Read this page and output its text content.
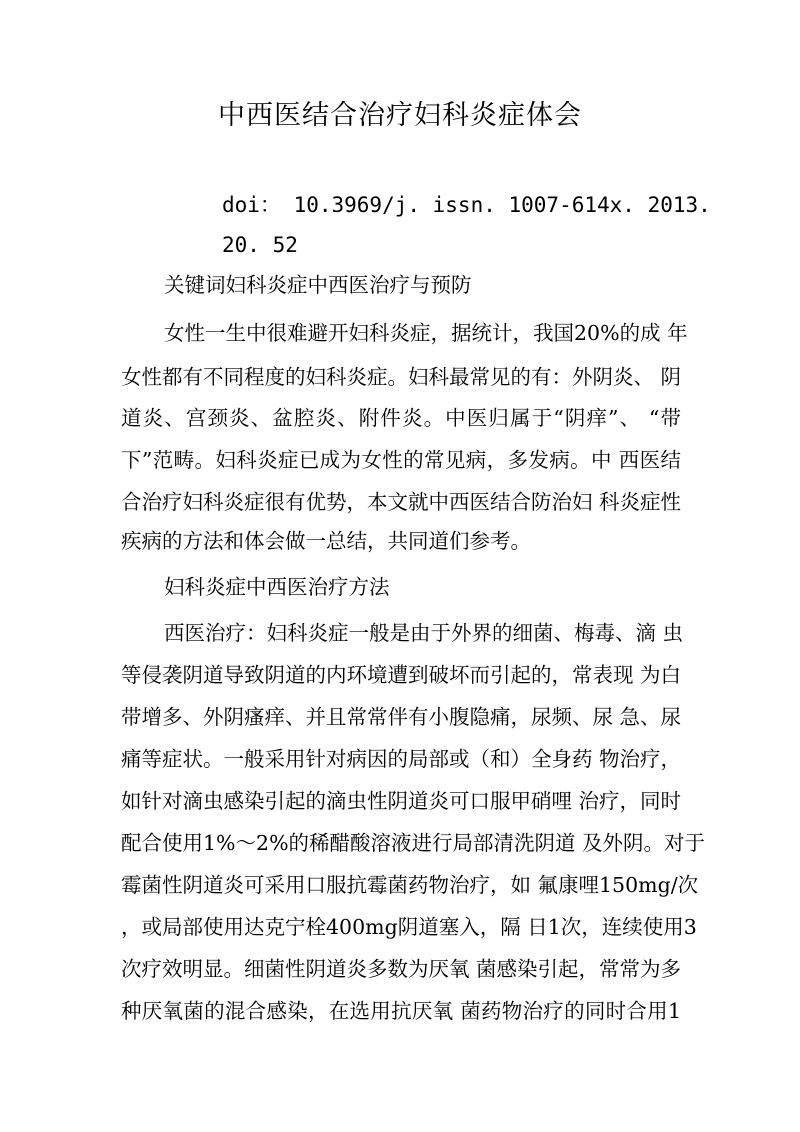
中西医结合治疗妇科炎症体会
doi： 10.3969/j. issn. 1007-614x. 2013.
20. 52
关键词妇科炎症中西医治疗与预防
女性一生中很难避开妇科炎症，据统计，我国20%的成 年
女性都有不同程度的妇科炎症。妇科最常见的有：外阴炎、 阴
道炎、宫颈炎、盆腔炎、附件炎。中医归属于“阴痒”、 “带
下”范畴。妇科炎症已成为女性的常见病，多发病。中 西医结
合治疗妇科炎症很有优势，本文就中西医结合防治妇 科炎症性
疾病的方法和体会做一总结，共同道们参考。
妇科炎症中西医治疗方法
西医治疗：妇科炎症一般是由于外界的细菌、梅毒、滴 虫
等侵袭阴道导致阴道的内环境遭到破坏而引起的，常表现 为白
带增多、外阴瘙痒、并且常常伴有小腹隐痛，尿频、尿 急、尿
痛等症状。一般采用针对病因的局部或（和）全身药 物治疗，
如针对滴虫感染引起的滴虫性阴道炎可口服甲硝哩 治疗，同时
配合使用1%〜2%的稀醋酸溶液进行局部清洗阴道 及外阴。对于
霉菌性阴道炎可采用口服抗霉菌药物治疗，如 氟康哩150mg/次
，或局部使用达克宁栓400mg阴道塞入，隔 日1次，连续使用3
次疗效明显。细菌性阴道炎多数为厌氧 菌感染引起，常常为多
种厌氧菌的混合感染，在选用抗厌氧 菌药物治疗的同时合用1
